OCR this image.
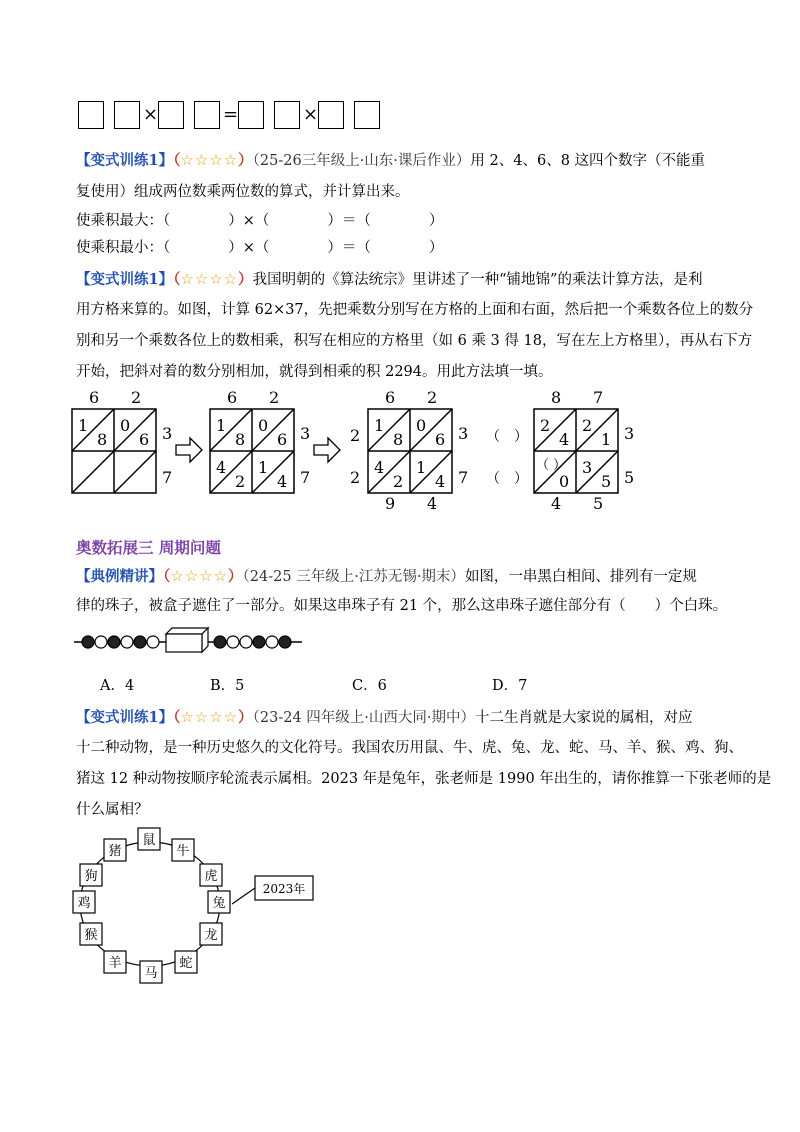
×	=	×
【变式训练1】（☆☆☆☆）（25-26三年级上·山东·课后作业）用 2、4、6、8 这四个数字（不能重
复使用）组成两位数乘两位数的算式，并计算出来。
使乘积最大：（　　　　）×（　　　　）＝（　　　　）
使乘积最小：（　　　　）×（　　　　）＝（　　　　）
【变式训练1】（☆☆☆☆）我国明朝的《算法统宗》里讲述了一种“铺地锦”的乘法计算方法，是利
用方格来算的。如图，计算 62×37，先把乘数分别写在方格的上面和右面，然后把一个乘数各位上的数分
别和另一个乘数各位上的数相乘，积写在相应的方格里（如 6 乘 3 得 18，写在左上方格里），再从右下方
开始，把斜对着的数分别相加，就得到相乘的积 2294。用此方法填一填。
6 2
3
7
1
8
0
6
6 2
3
7
1
8
0
6
4
2
1
4
6 2
3
7
2
2
9 4
1
8
0
6
4
2
1
4
8 7
3
5
（　）
（　）
4 5
2
4
2
1
（ ）
0
3
5
奥数拓展三 周期问题
【典例精讲】（☆☆☆☆）（24-25 三年级上·江苏无锡·期末）如图，一串黑白相间、排列有一定规
律的珠子，被盒子遮住了一部分。如果这串珠子有 21 个，那么这串珠子遮住部分有（　　）个白珠。
A．4	B．5	C．6	D．7
【变式训练1】（☆☆☆☆）（23-24 四年级上·山西大同·期中）十二生肖就是大家说的属相，对应
十二种动物，是一种历史悠久的文化符号。我国农历用鼠、牛、虎、兔、龙、蛇、马、羊、猴、鸡、狗、
猪这 12 种动物按顺序轮流表示属相。2023 年是兔年，张老师是 1990 年出生的，请你推算一下张老师的是
什么属相？
鼠
牛
虎
兔
龙
蛇
马
羊
猴
鸡
狗
猪
2023年
